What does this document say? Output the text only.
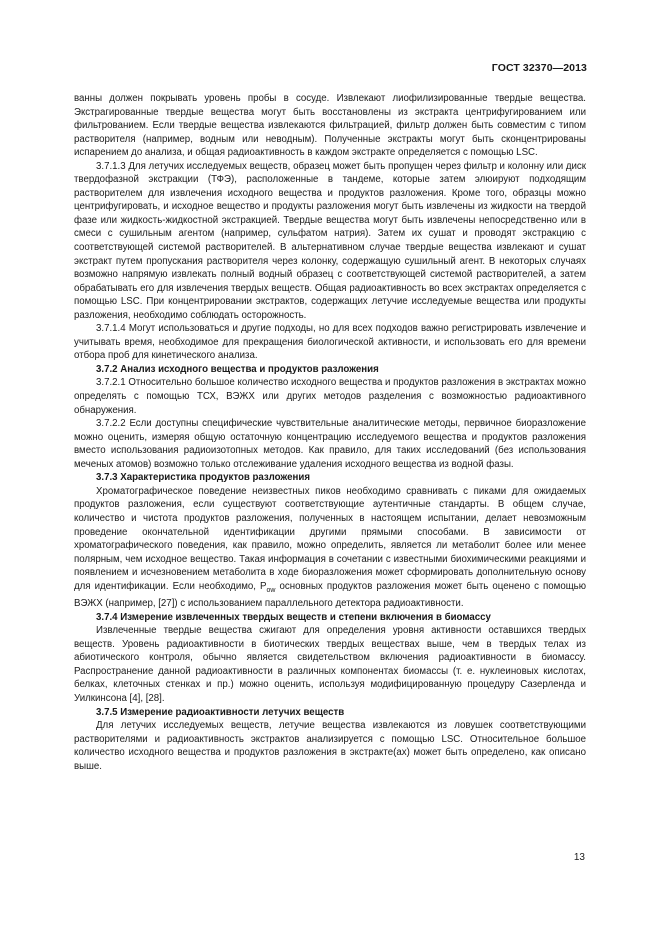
ГОСТ 32370—2013

ванны должен покрывать уровень пробы в сосуде. Извлекают лиофилизированные твердые вещества. Экстрагированные твердые вещества могут быть восстановлены из экстракта центрифугированием или фильтрованием. Если твердые вещества извлекаются фильтрацией, фильтр должен быть совместим с типом растворителя (например, водным или неводным). Полученные экстракты могут быть сконцентрированы испарением до анализа, и общая радиоактивность в каждом экстракте определяется с помощью LSC.

3.7.1.3 Для летучих исследуемых веществ, образец может быть пропущен через фильтр и колонну или диск твердофазной экстракции (ТФЭ), расположенные в тандеме, которые затем элюируют подходящим растворителем для извлечения исходного вещества и продуктов разложения. Кроме того, образцы можно центрифугировать, и исходное вещество и продукты разложения могут быть извлечены из жидкости на твердой фазе или жидкость-жидкостной экстракцией. Твердые вещества могут быть извлечены непосредственно или в смеси с сушильным агентом (например, сульфатом натрия). Затем их сушат и проводят экстракцию с соответствующей системой растворителей. В альтернативном случае твердые вещества извлекают и сушат экстракт путем пропускания растворителя через колонку, содержащую сушильный агент. В некоторых случаях возможно напрямую извлекать полный водный образец с соответствующей системой растворителей, а затем обрабатывать его для извлечения твердых веществ. Общая радиоактивность во всех экстрактах определяется с помощью LSC. При концентрировании экстрактов, содержащих летучие исследуемые вещества или продукты разложения, необходимо соблюдать осторожность.

3.7.1.4 Могут использоваться и другие подходы, но для всех подходов важно регистрировать извлечение и учитывать время, необходимое для прекращения биологической активности, и использовать его для времени отбора проб для кинетического анализа.

3.7.2 Анализ исходного вещества и продуктов разложения

3.7.2.1 Относительно большое количество исходного вещества и продуктов разложения в экстрактах можно определять с помощью ТСХ, ВЭЖХ или других методов разделения с возможностью радиоактивного обнаружения.

3.7.2.2 Если доступны специфические чувствительные аналитические методы, первичное биоразложение можно оценить, измеряя общую остаточную концентрацию исследуемого вещества и продуктов разложения вместо использования радиоизотопных методов. Как правило, для таких исследований (без использования меченых атомов) возможно только отслеживание удаления исходного вещества из водной фазы.

3.7.3 Характеристика продуктов разложения

Хроматографическое поведение неизвестных пиков необходимо сравнивать с пиками для ожидаемых продуктов разложения, если существуют соответствующие аутентичные стандарты. В общем случае, количество и чистота продуктов разложения, полученных в настоящем испытании, делает невозможным проведение окончательной идентификации другими прямыми способами. В зависимости от хроматографического поведения, как правило, можно определить, является ли метаболит более или менее полярным, чем исходное вещество. Такая информация в сочетании с известными биохимическими реакциями и появлением и исчезновением метаболита в ходе биоразложения может сформировать дополнительную основу для идентификации. Если необходимо, $P_{ow}$ основных продуктов разложения может быть оценено с помощью ВЭЖХ (например, [27]) с использованием параллельного детектора радиоактивности.

3.7.4 Измерение извлеченных твердых веществ и степени включения в биомассу

Извлеченные твердые вещества сжигают для определения уровня активности оставшихся твердых веществ. Уровень радиоактивности в биотических твердых веществах выше, чем в твердых телах из абиотического контроля, обычно является свидетельством включения радиоактивности в биомассу. Распространение данной радиоактивности в различных компонентах биомассы (т. е. нуклеиновых кислотах, белках, клеточных стенках и пр.) можно оценить, используя модифицированную процедуру Сазерленда и Уилкинсона [4], [28].

3.7.5 Измерение радиоактивности летучих веществ

Для летучих исследуемых веществ, летучие вещества извлекаются из ловушек соответствующими растворителями и радиоактивность экстрактов анализируется с помощью LSC. Относительное большое количество исходного вещества и продуктов разложения в экстракте(ах) может быть определено, как описано выше.

13
